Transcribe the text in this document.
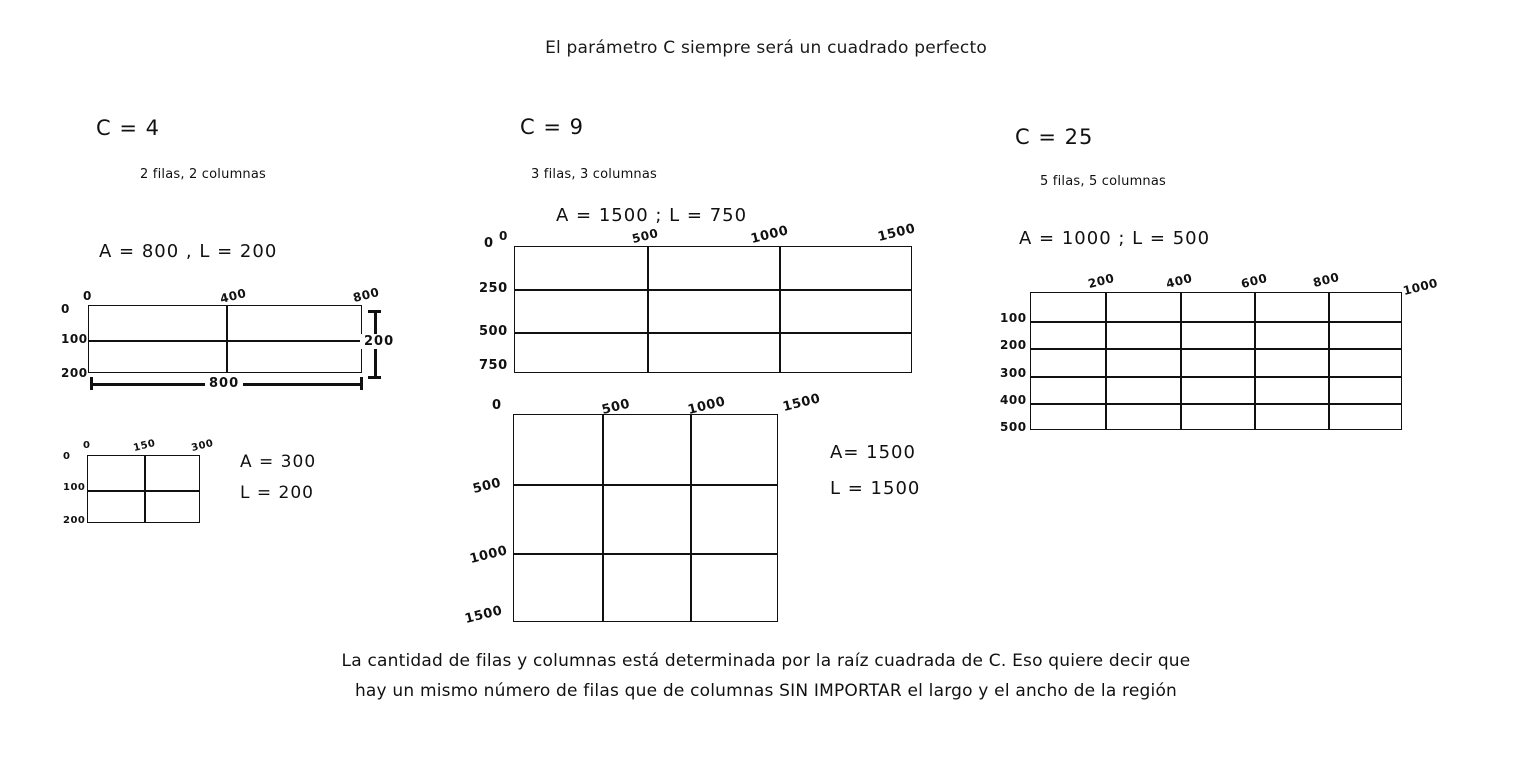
El parámetro C siempre será un cuadrado perfecto
C = 4
2 filas, 2 columnas
A = 800 , L = 200
0	400	800
0
100
200
800
200
0	150	300
0
100
200
A = 300
L = 200
C = 9
3 filas, 3 columnas
A = 1500 ; L = 750
0	500	1000	1500
0
250
500
750
0	500	1000	1500
500
1000
1500
A= 1500
L = 1500
C = 25
5 filas, 5 columnas
A = 1000 ; L = 500
200	400	600	800	1000
100
200
300
400
500
La cantidad de filas y columnas está determinada por la raíz cuadrada de C. Eso quiere decir que
hay un mismo número de filas que de columnas SIN IMPORTAR el largo y el ancho de la región
